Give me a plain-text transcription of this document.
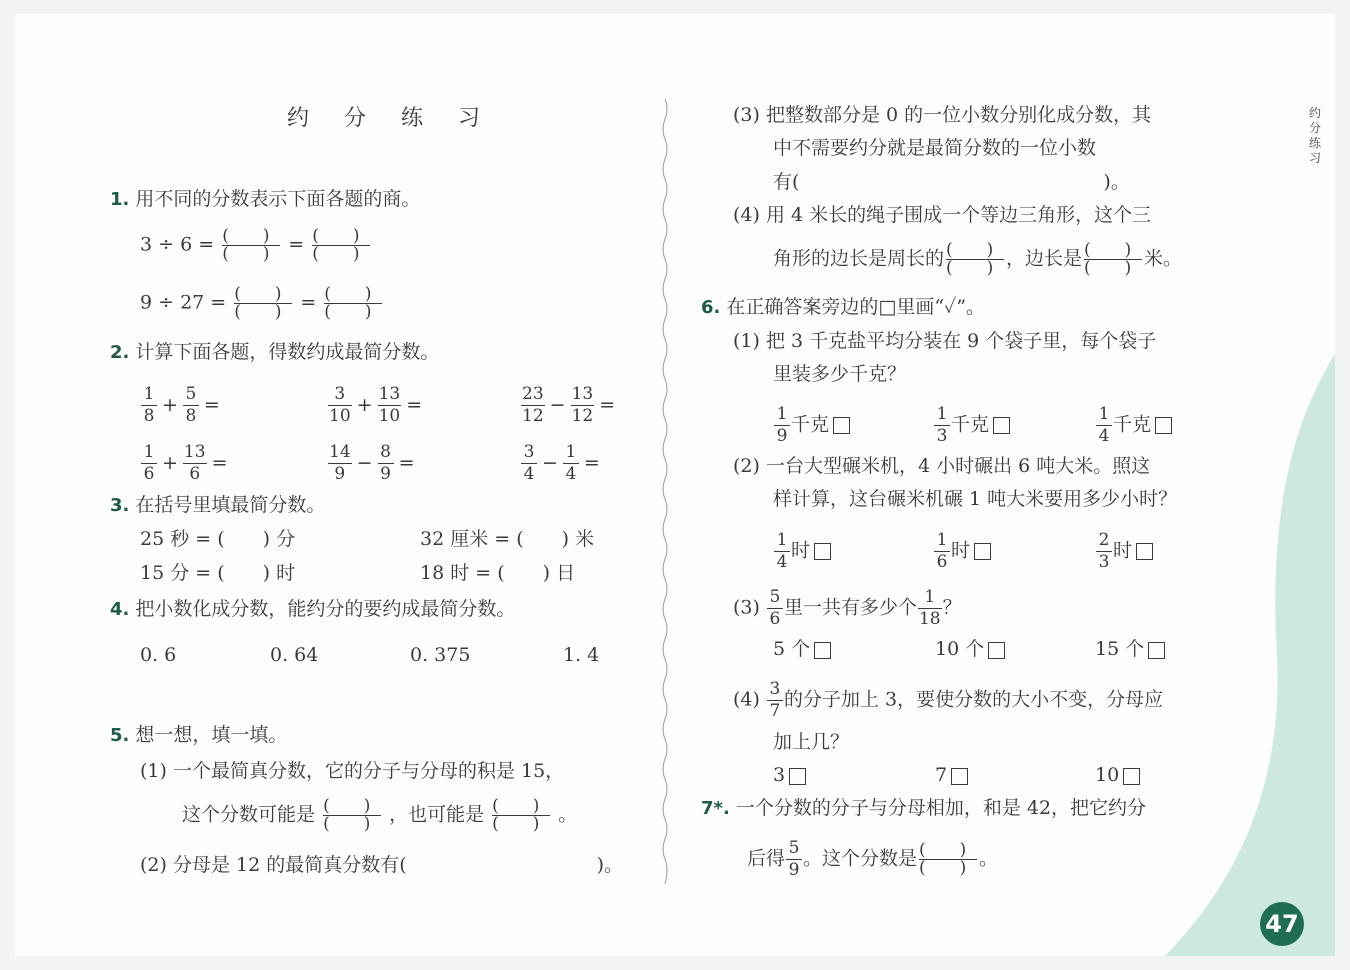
约 分 练 习
1. 用不同的分数表示下面各题的商。
3 ÷ 6 = (　　)
(　　) = (　　)
(　　)
9 ÷ 27 = (　　)
(　　) = (　　)
(　　)
2. 计算下面各题，得数约成最简分数。
$\frac{1}{8} + \frac{5}{8}$ =	$\frac{3}{10} + \frac{13}{10}$ =	$\frac{23}{12} - \frac{13}{12}$ =
$\frac{1}{6} + \frac{13}{6}$ =	$\frac{14}{9} - \frac{8}{9}$ =	$\frac{3}{4} - \frac{1}{4}$ =
3. 在括号里填最简分数。
25 秒 = (　　) 分	32 厘米 = (　　) 米
15 分 = (　　) 时	18 时 = (　　) 日
4. 把小数化成分数，能约分的要约成最简分数。
0. 6	0. 64	0. 375	1. 4
5. 想一想，填一填。
(1) 一个最简真分数，它的分子与分母的积是 15，
这个分数可能是 (　　)
(　　) ，也可能是 (　　)
(　　) 。
(2) 分母是 12 的最简真分数有(　　　　　　　　　　)。
(3) 把整数部分是 0 的一位小数分别化成分数，其
中不需要约分就是最简分数的一位小数
有(　　　　　　　　　　　　　　　　)。
(4) 用 4 米长的绳子围成一个等边三角形，这个三
角形的边长是周长的 (　　)
(　　) ，边长是 (　　)
(　　) 米。
6. 在正确答案旁边的□里画“✓”。
(1) 把 3 千克盐平均分装在 9 个袋子里，每个袋子
里装多少千克？
$\frac{1}{9}$ 千克	$\frac{1}{3}$ 千克	$\frac{1}{4}$ 千克
(2) 一台大型碾米机，4 小时碾出 6 吨大米。照这
样计算，这台碾米机碾 1 吨大米要用多少小时？
$\frac{1}{4}$ 时	$\frac{1}{6}$ 时	$\frac{2}{3}$ 时
$(3) \frac{5}{6}$ 里一共有多少个 $\frac{1}{18}$ ？
5 个	10 个	15 个
$(4) \frac{3}{7}$ 的分子加上 3，要使分数的大小不变，分母应
加上几？
3	7	10
7*. 一个分数的分子与分母相加，和是 42，把它约分
后得 $\frac{5}{9}$ 。这个分数是 (　　)
(　　) 。
约分练习
47
